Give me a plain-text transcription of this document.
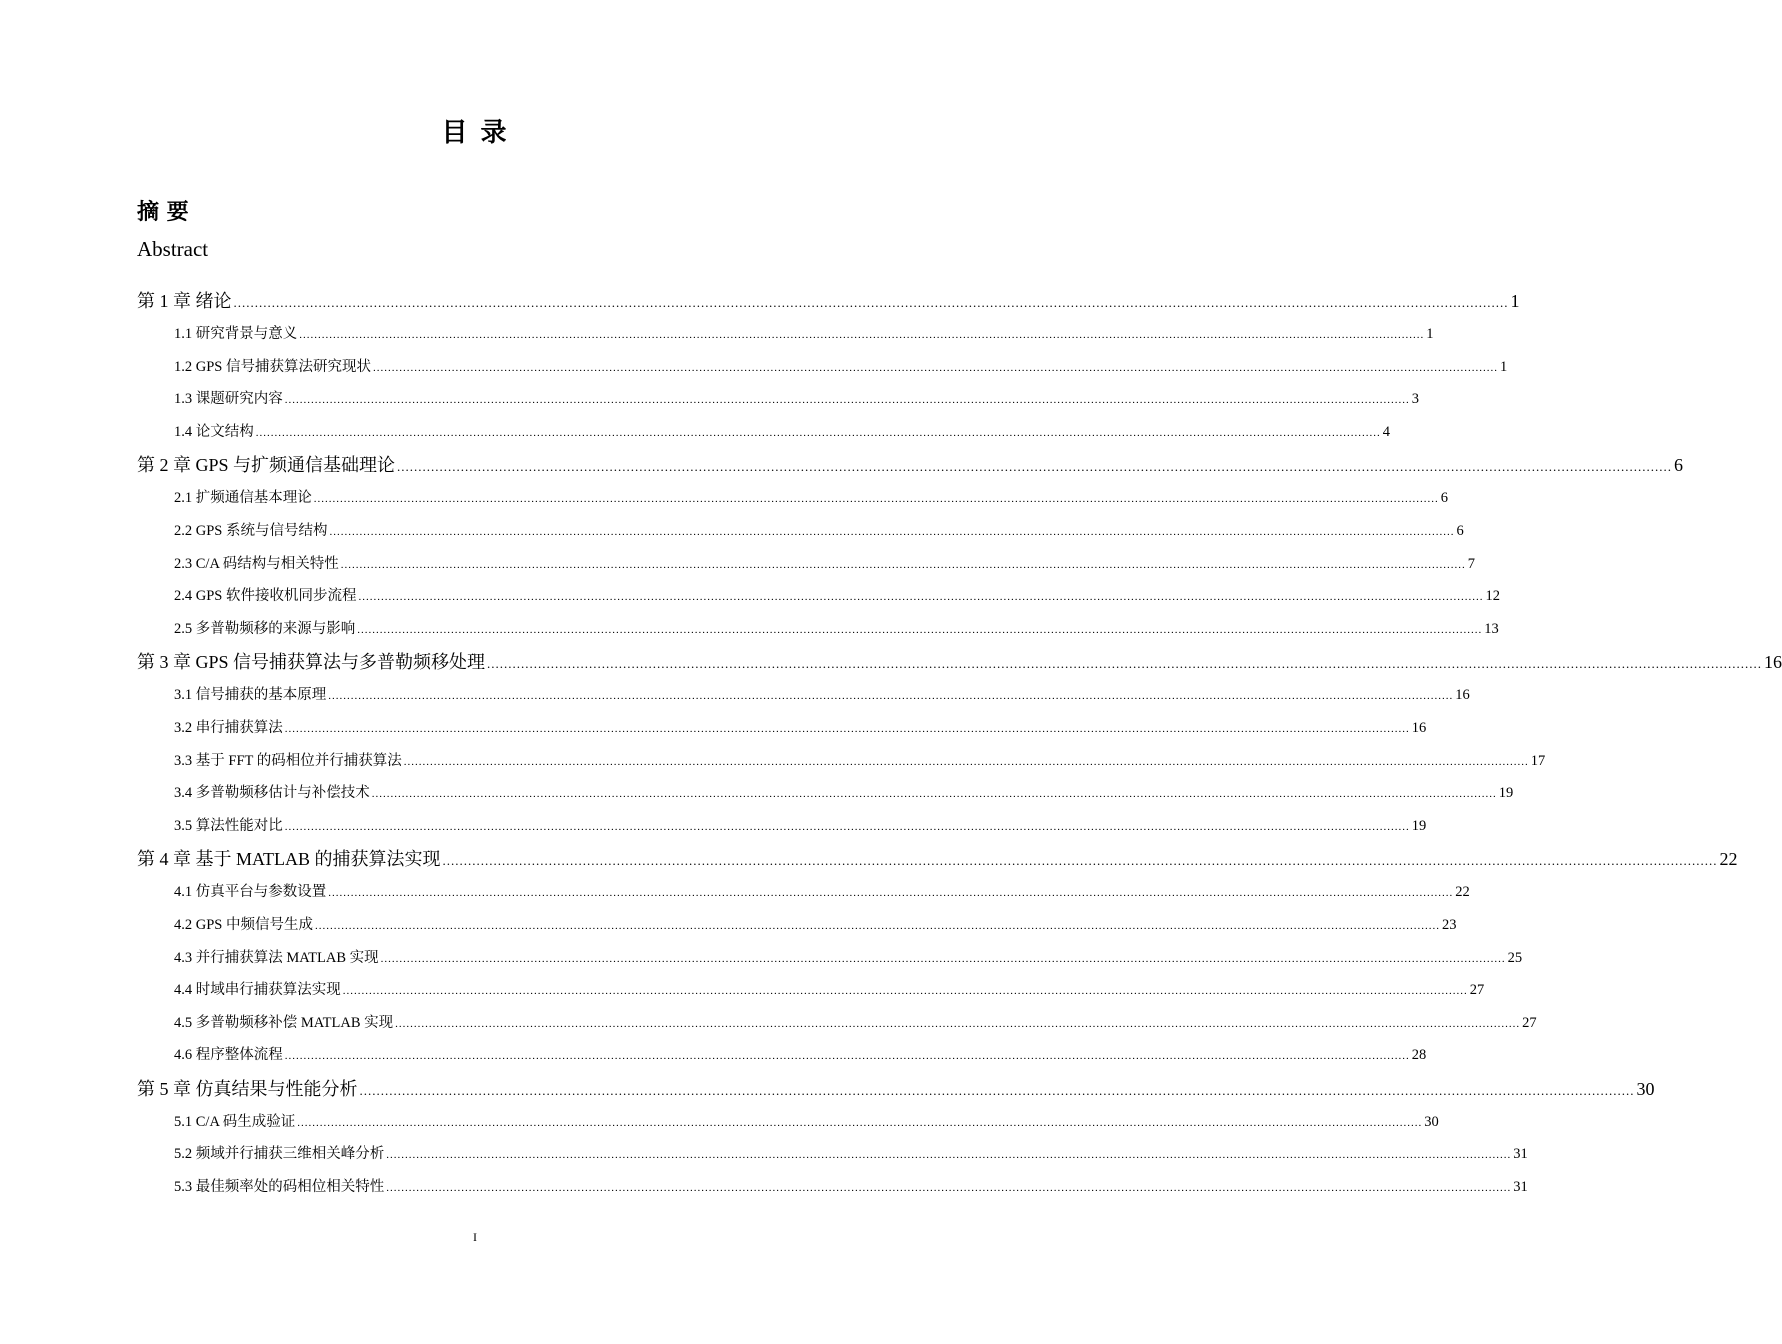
目 录
摘 要
Abstract
第 1 章 绪论 ............................................................................................................................................................................................................................................................................................................ 1
1.1 研究背景与意义 ............................................................................................................................................................................................................................................................................................................ 1
1.2 GPS 信号捕获算法研究现状 ............................................................................................................................................................................................................................................................................................................ 1
1.3 课题研究内容 ............................................................................................................................................................................................................................................................................................................ 3
1.4 论文结构 ............................................................................................................................................................................................................................................................................................................ 4
第 2 章 GPS 与扩频通信基础理论 ............................................................................................................................................................................................................................................................................................................ 6
2.1 扩频通信基本理论 ............................................................................................................................................................................................................................................................................................................ 6
2.2 GPS 系统与信号结构 ............................................................................................................................................................................................................................................................................................................ 6
2.3 C/A 码结构与相关特性 ............................................................................................................................................................................................................................................................................................................ 7
2.4 GPS 软件接收机同步流程 ............................................................................................................................................................................................................................................................................................................ 12
2.5 多普勒频移的来源与影响 ............................................................................................................................................................................................................................................................................................................ 13
第 3 章 GPS 信号捕获算法与多普勒频移处理 ............................................................................................................................................................................................................................................................................................................ 16
3.1 信号捕获的基本原理 ............................................................................................................................................................................................................................................................................................................ 16
3.2 串行捕获算法 ............................................................................................................................................................................................................................................................................................................ 16
3.3 基于 FFT 的码相位并行捕获算法 ............................................................................................................................................................................................................................................................................................................ 17
3.4 多普勒频移估计与补偿技术 ............................................................................................................................................................................................................................................................................................................ 19
3.5 算法性能对比 ............................................................................................................................................................................................................................................................................................................ 19
第 4 章 基于 MATLAB 的捕获算法实现 ............................................................................................................................................................................................................................................................................................................ 22
4.1 仿真平台与参数设置 ............................................................................................................................................................................................................................................................................................................ 22
4.2 GPS 中频信号生成 ............................................................................................................................................................................................................................................................................................................ 23
4.3 并行捕获算法 MATLAB 实现 ............................................................................................................................................................................................................................................................................................................ 25
4.4 时域串行捕获算法实现 ............................................................................................................................................................................................................................................................................................................ 27
4.5 多普勒频移补偿 MATLAB 实现 ............................................................................................................................................................................................................................................................................................................ 27
4.6 程序整体流程 ............................................................................................................................................................................................................................................................................................................ 28
第 5 章 仿真结果与性能分析 ............................................................................................................................................................................................................................................................................................................ 30
5.1 C/A 码生成验证 ............................................................................................................................................................................................................................................................................................................ 30
5.2 频域并行捕获三维相关峰分析 ............................................................................................................................................................................................................................................................................................................ 31
5.3 最佳频率处的码相位相关特性 ............................................................................................................................................................................................................................................................................................................ 31
I
